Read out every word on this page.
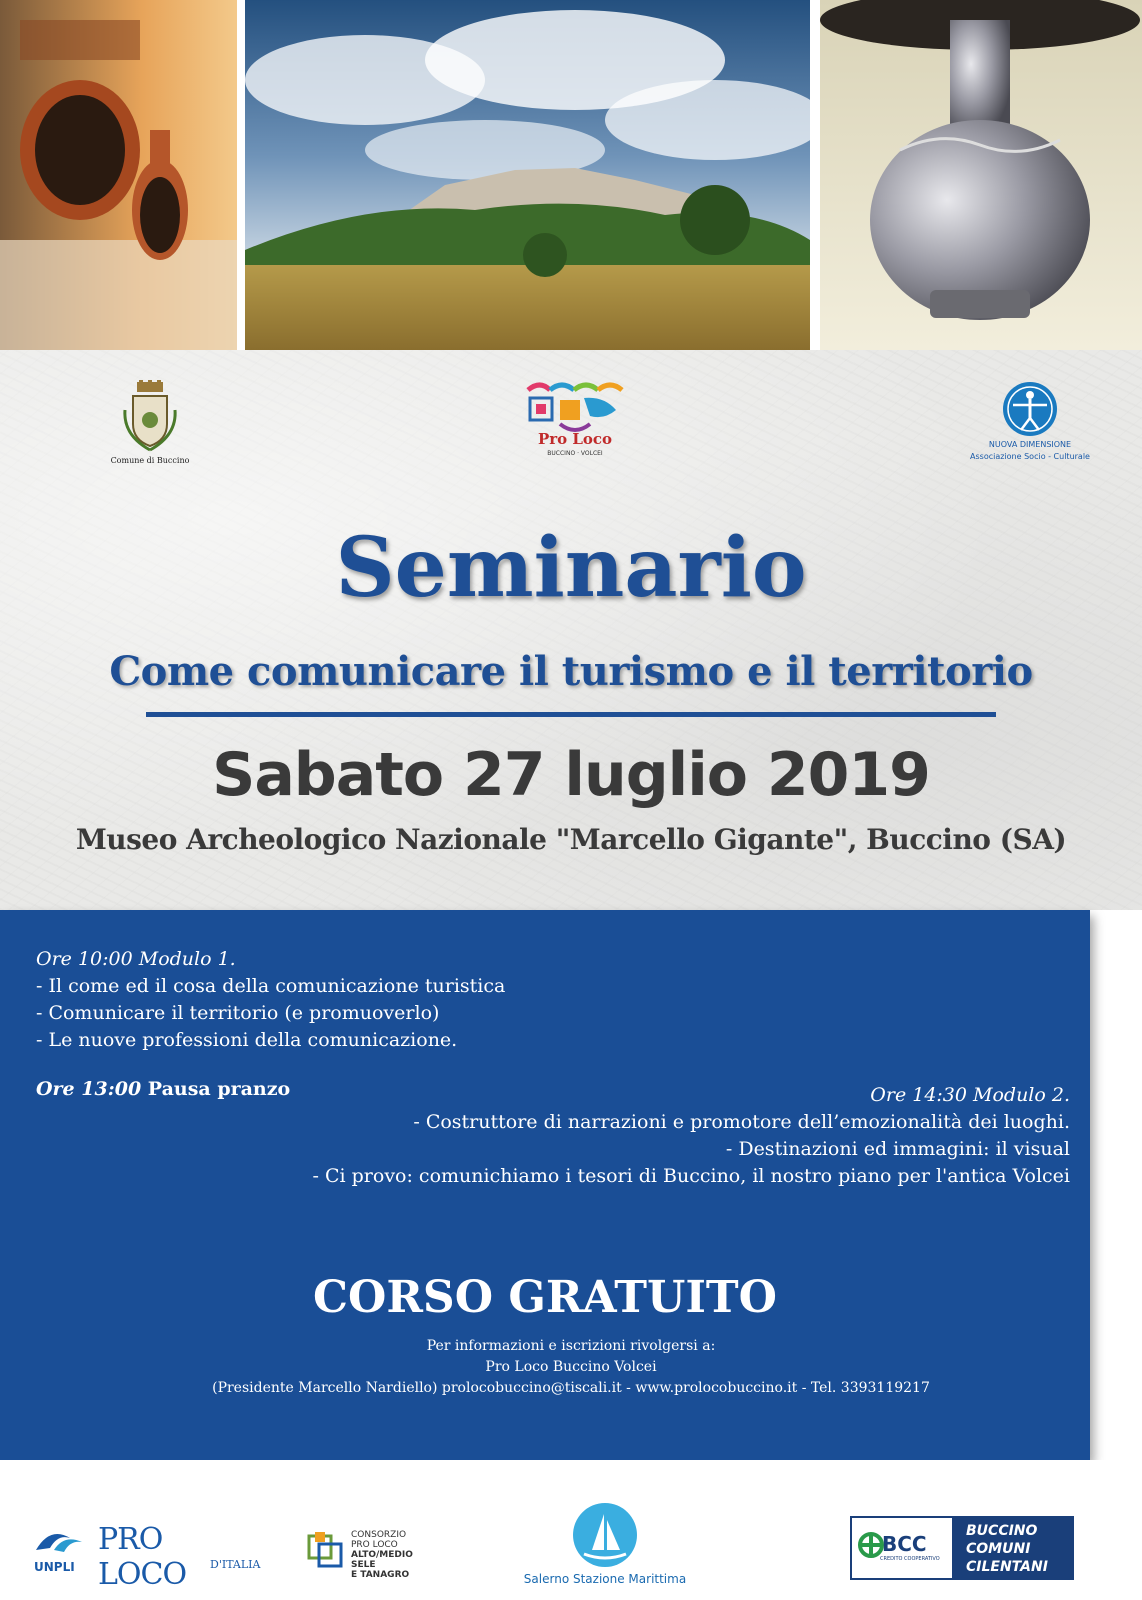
Comune di Buccino
Pro Loco
BUCCINO · VOLCEI
NUOVA DIMENSIONE
Associazione Socio - Culturale
Seminario
Come comunicare il turismo e il territorio
Sabato 27 luglio 2019
Museo Archeologico Nazionale "Marcello Gigante", Buccino (SA)
Ore 10:00 Modulo 1.
- Il come ed il cosa della comunicazione turistica
- Comunicare il territorio (e promuoverlo)
- Le nuove professioni della comunicazione.
Ore 13:00 Pausa pranzo	Ore 14:30 Modulo 2.
- Costruttore di narrazioni e promotore dell’emozionalità dei luoghi.
- Destinazioni ed immagini: il visual
- Ci provo: comunichiamo i tesori di Buccino, il nostro piano per l'antica Volcei
CORSO GRATUITO
Per informazioni e iscrizioni rivolgersi a:
Pro Loco Buccino Volcei
(Presidente Marcello Nardiello) prolocobuccino@tiscali.it - www.prolocobuccino.it - Tel. 3393119217
UNPLI
PRO LOCO	D'ITALIA
CONSORZIO
PRO LOCO
ALTO/MEDIO
SELE
E TANAGRO	Salerno Stazione Marittima
BCC
CREDITO COOPERATIVO
BUCCINO
COMUNI
CILENTANI
